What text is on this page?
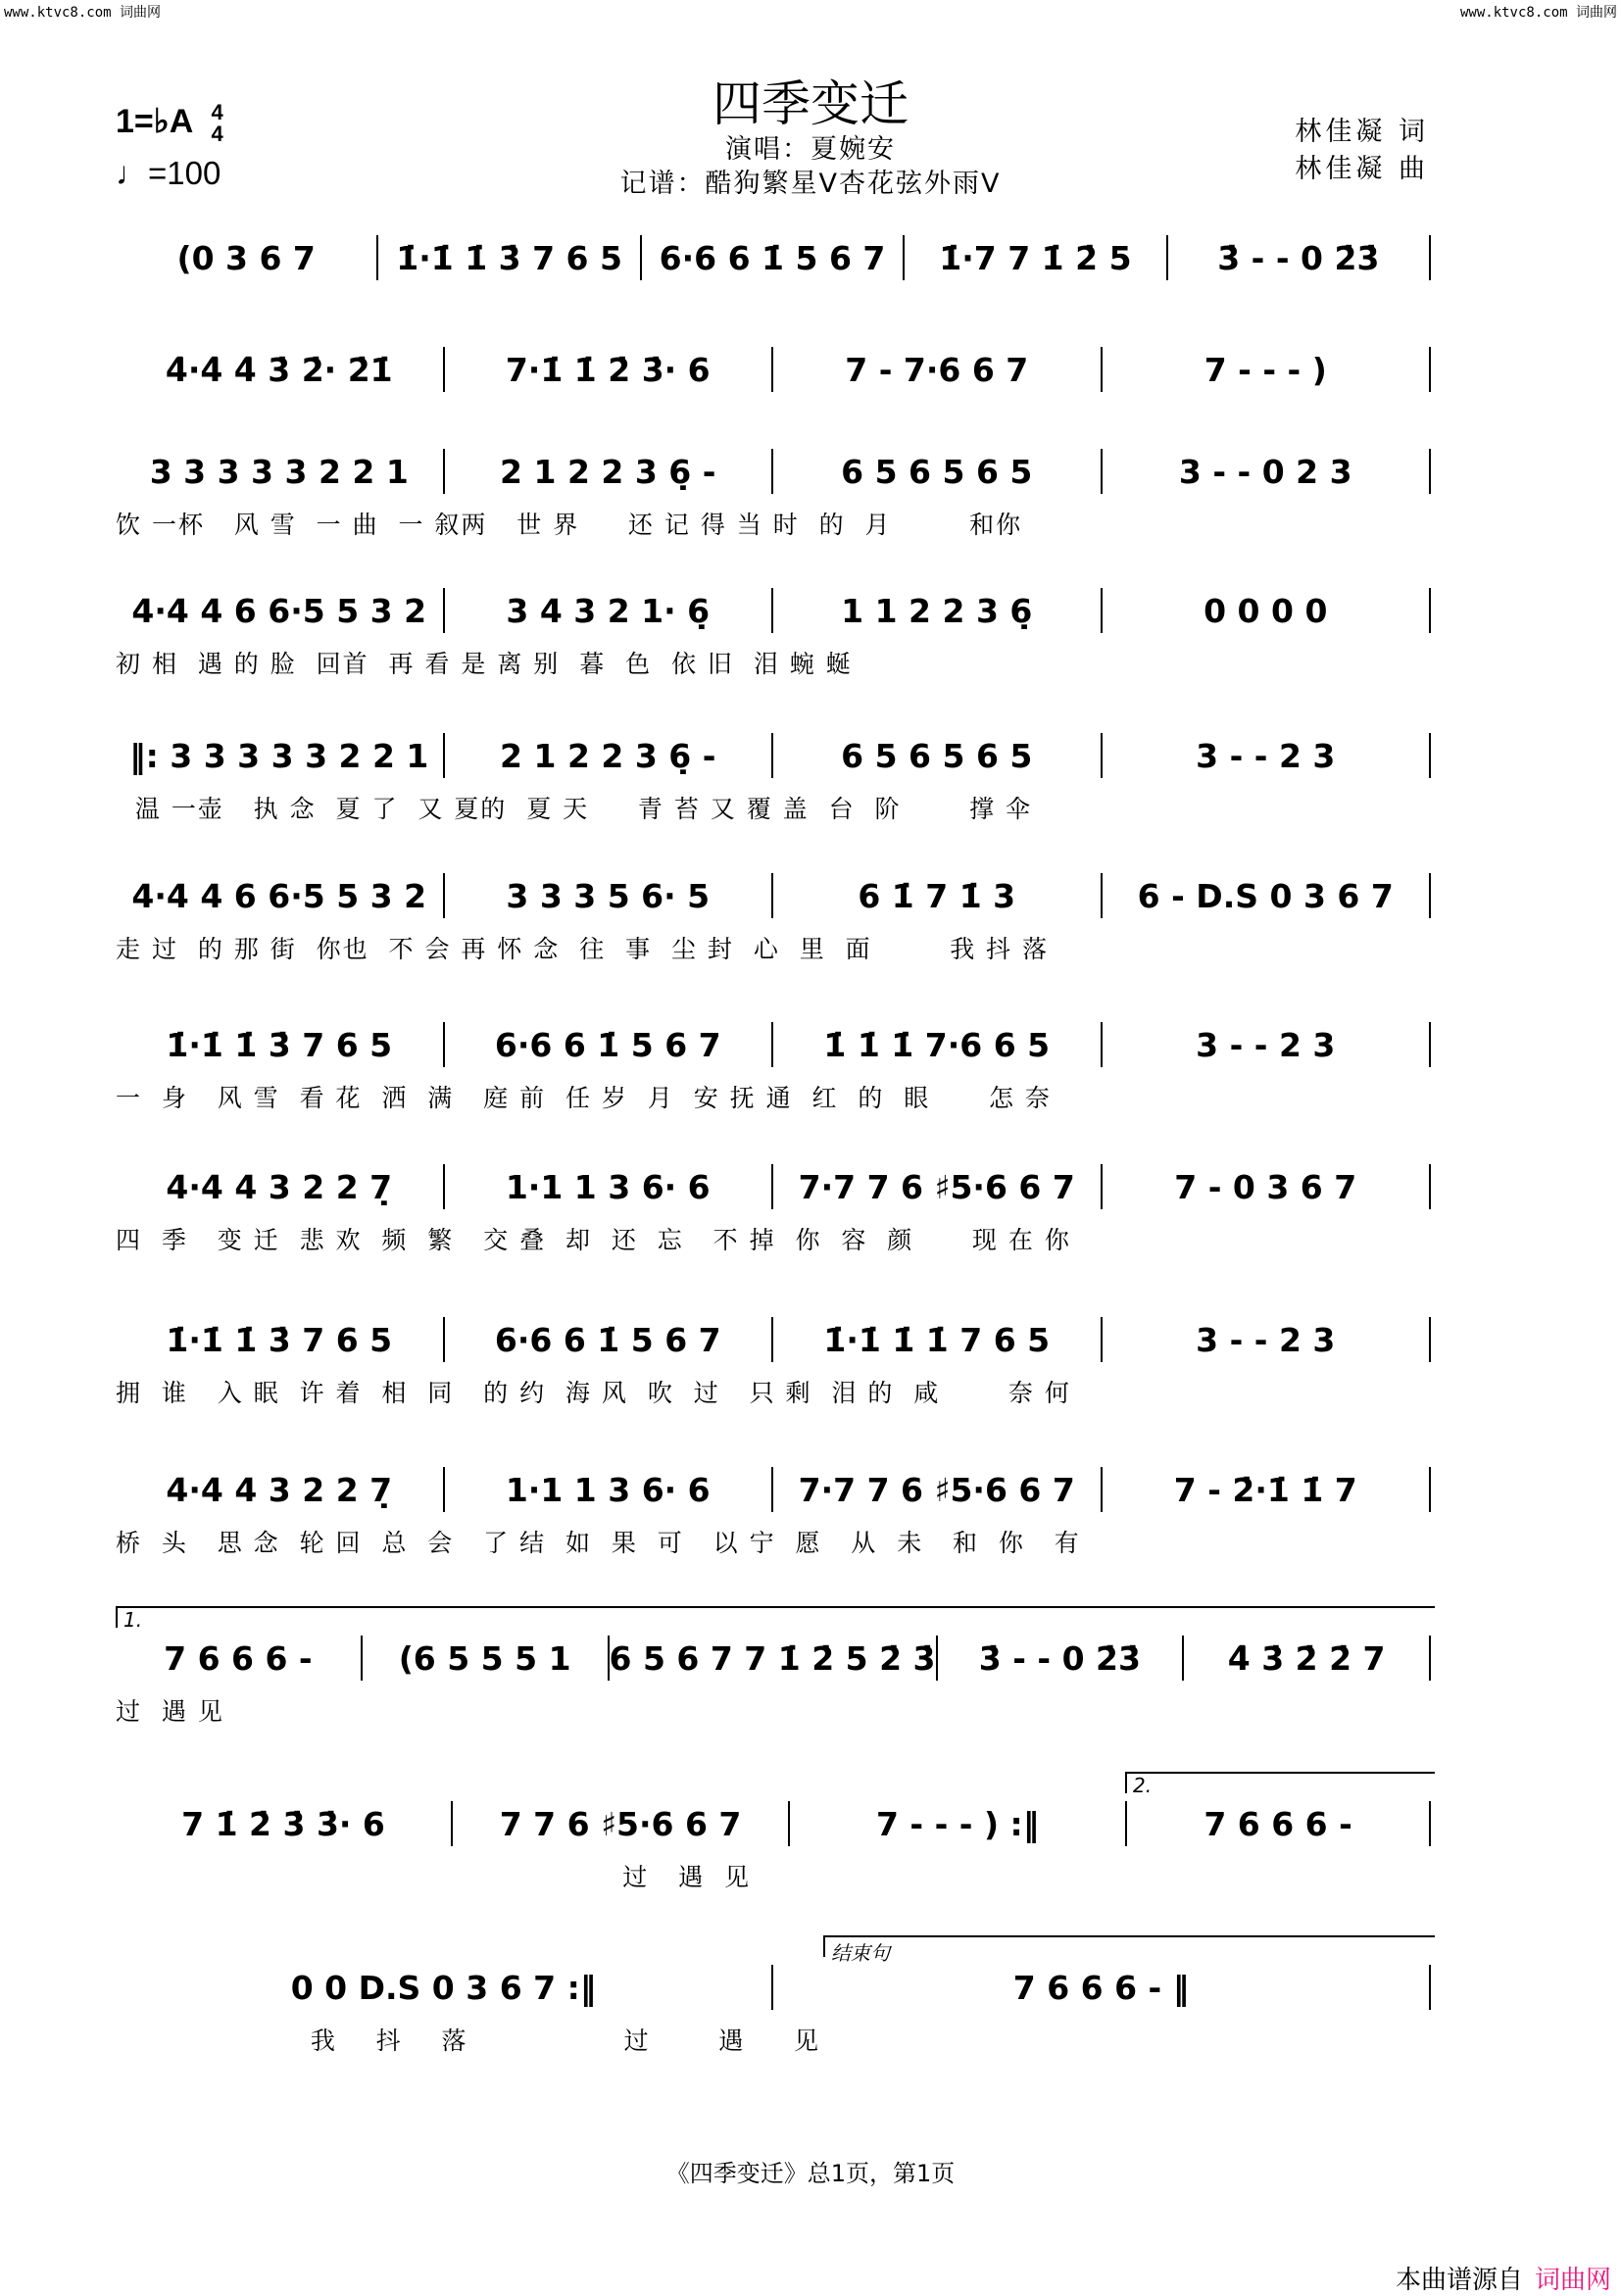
www.ktvc8.com 词曲网	www.ktvc8.com 词曲网
四季变迁
演唱：夏婉安
记谱：酷狗繁星V杏花弦外雨V
1=♭A 4
4
♩=100
林佳凝 词
林佳凝 曲
(0 3 6 7	1̇·1̇ 1̇ 3̇ 7 6 5	6·6 6 1̇ 5 6 7	1̇·7 7 1̇ 2̇ 5	3̇ - - 0 2̇3̇
4̇·4̇ 4̇ 3̇ 2̇· 2̇1̇	7·1̇ 1̇ 2̇ 3̇· 6	7 - 7·6 6 7	7 - - - )
3 3 3 3 3 2 2 1	2 1 2 2 3 6̣ -	6 5 6 5 6 5	3 - - 0 2 3
饮 一杯   风 雪  一 曲  一 叙两   世 界     还 记 得 当 时  的  月        和你
4·4 4 6 6·5 5 3 2	3 4 3 2 1· 6̣	1 1 2 2 3 6̣	0 0 0 0
初 相  遇 的 脸  回首  再 看 是 离 别  暮  色  依 旧  泪 蜿 蜒
‖: 3 3 3 3 3 2 2 1	2 1 2 2 3 6̣ -	6 5 6 5 6 5	3 - - 2 3
温 一壶   执 念  夏 了  又 夏的  夏 天     青 苔 又 覆 盖  台  阶       撑 伞
4·4 4 6 6·5 5 3 2	3 3 3 5 6· 5	6 1̇ 7 1̇ 3	6 - D.S 0 3 6 7
走 过  的 那 街  你也  不 会 再 怀 念  往  事  尘 封  心  里  面        我 抖 落
1̇·1̇ 1̇ 3̇ 7 6 5	6·6 6 1̇ 5 6 7	1̇ 1̇ 1̇ 7·6 6 5	3 - - 2 3
一  身   风 雪  看 花  洒  满   庭 前  任 岁  月  安 抚 通  红  的  眼      怎 奈
4·4 4 3 2 2 7̣	1·1 1 3 6· 6	7·7 7 6 ♯5·6 6 7	7 - 0 3 6 7
四  季   变 迁  悲 欢  频  繁   交 叠  却  还  忘   不 掉  你  容  颜      现 在 你
1̇·1̇ 1̇ 3̇ 7 6 5	6·6 6 1̇ 5 6 7	1̇·1̇ 1̇ 1̇ 7 6 5	3 - - 2 3
拥  谁   入 眠  许 着  相  同   的 约  海 风  吹  过   只 剩  泪 的  咸       奈 何
4·4 4 3 2 2 7̣	1·1 1 3 6· 6	7·7 7 6 ♯5·6 6 7	7 - 2̇·1̇ 1̇ 7
桥  头   思 念  轮 回  总  会   了 结  如  果  可   以 宁  愿   从  未   和  你   有
7 6 6 6 -	(6 5 5 5 1	6 5 6 7 7 1̇ 2̇ 5 2̇ 3̇	3̇ - - 0 2̇3̇	4̇ 3̇ 2̇ 2̇ 7
1.
过  遇 见
7 1̇ 2̇ 3̇ 3̇· 6	7 7 6 ♯5·6 6 7	7 - - - ) :‖	7 6 6 6 -
2.
过   遇  见
0 0 D.S 0 3 6 7 :‖	7 6 6 6 - ‖
结束句
我    抖    落                过       遇     见
《四季变迁》总1页，第1页
本曲谱源自 词曲网
